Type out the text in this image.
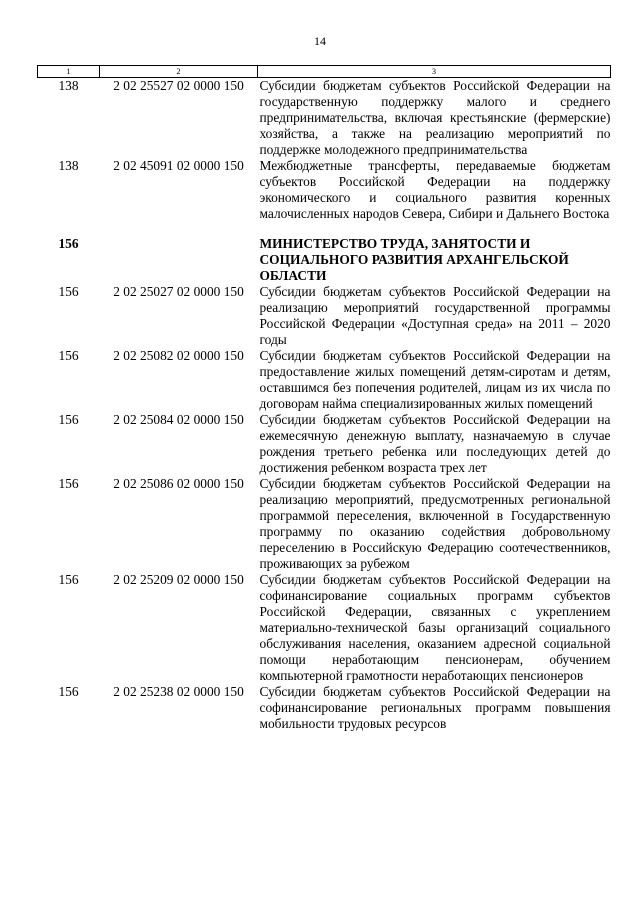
14
1	2	3
138	2 02 25527 02 0000 150	Субсидии бюджетам субъектов Российской Федерации на государственную поддержку малого и среднего предпринимательства, включая крестьянские (фермерские) хозяйства, а также на реализацию мероприятий по поддержке молодежного предпринимательства
138	2 02 45091 02 0000 150	Межбюджетные трансферты, передаваемые бюджетам субъектов Российской Федерации на поддержку экономического и социального развития коренных малочисленных народов Севера, Сибири и Дальнего Востока

156		МИНИСТЕРСТВО ТРУДА, ЗАНЯТОСТИ И СОЦИАЛЬНОГО РАЗВИТИЯ АРХАНГЕЛЬСКОЙ ОБЛАСТИ
156	2 02 25027 02 0000 150	Субсидии бюджетам субъектов Российской Федерации на реализацию мероприятий государственной программы Российской Федерации «Доступная среда» на 2011 – 2020 годы
156	2 02 25082 02 0000 150	Субсидии бюджетам субъектов Российской Федерации на предоставление жилых помещений детям-сиротам и детям, оставшимся без попечения родителей, лицам из их числа по договорам найма специализированных жилых помещений
156	2 02 25084 02 0000 150	Субсидии бюджетам субъектов Российской Федерации на ежемесячную денежную выплату, назначаемую в случае рождения третьего ребенка или последующих детей до достижения ребенком возраста трех лет
156	2 02 25086 02 0000 150	Субсидии бюджетам субъектов Российской Федерации на реализацию мероприятий, предусмотренных региональной программой переселения, включенной в Государственную программу по оказанию содействия добровольному переселению в Российскую Федерацию соотечественников, проживающих за рубежом
156	2 02 25209 02 0000 150	Субсидии бюджетам субъектов Российской Федерации на софинансирование социальных программ субъектов Российской Федерации, связанных с укреплением материально-технической базы организаций социального обслуживания населения, оказанием адресной социальной помощи неработающим пенсионерам, обучением компьютерной грамотности неработающих пенсионеров
156	2 02 25238 02 0000 150	Субсидии бюджетам субъектов Российской Федерации на софинансирование региональных программ повышения мобильности трудовых ресурсов
